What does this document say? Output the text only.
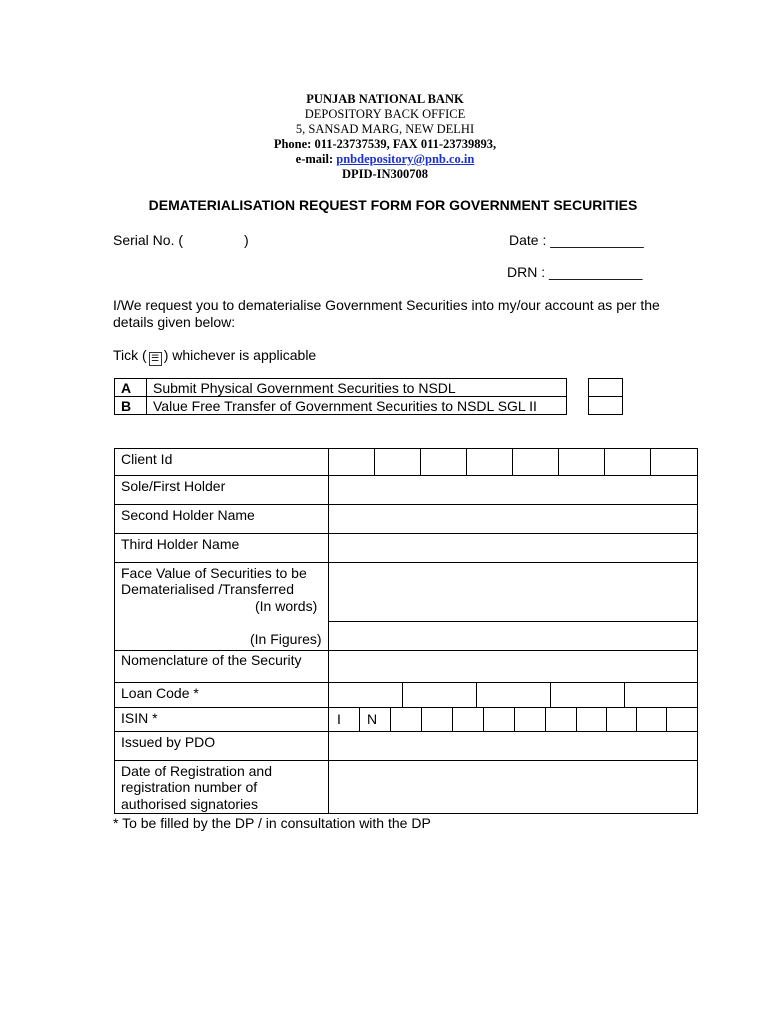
PUNJAB NATIONAL BANK
DEPOSITORY BACK OFFICE
5, SANSAD MARG, NEW DELHI
Phone: 011-23737539, FAX 011-23739893,
e-mail: pnbdepository@pnb.co.in
DPID-IN300708
DEMATERIALISATION REQUEST FORM FOR GOVERNMENT SECURITIES
Serial No. (	)	Date : ____________
DRN : ____________
I/We request you to dematerialise Government Securities into my/our account as per the details given below:
Tick ( ☰ ) whichever is applicable
A
B
Submit Physical Government Securities to NSDL
Value Free Transfer of Government Securities to NSDL SGL II
I N
Client Id
Sole/First Holder
Second Holder Name
Third Holder Name
Face Value of Securities to be
Dematerialised /Transferred
(In words)
(In Figures)
Nomenclature of the Security
Loan Code *
ISIN *
Issued by PDO
Date of Registration and
registration number of
authorised signatories
* To be filled by the DP / in consultation with the DP
